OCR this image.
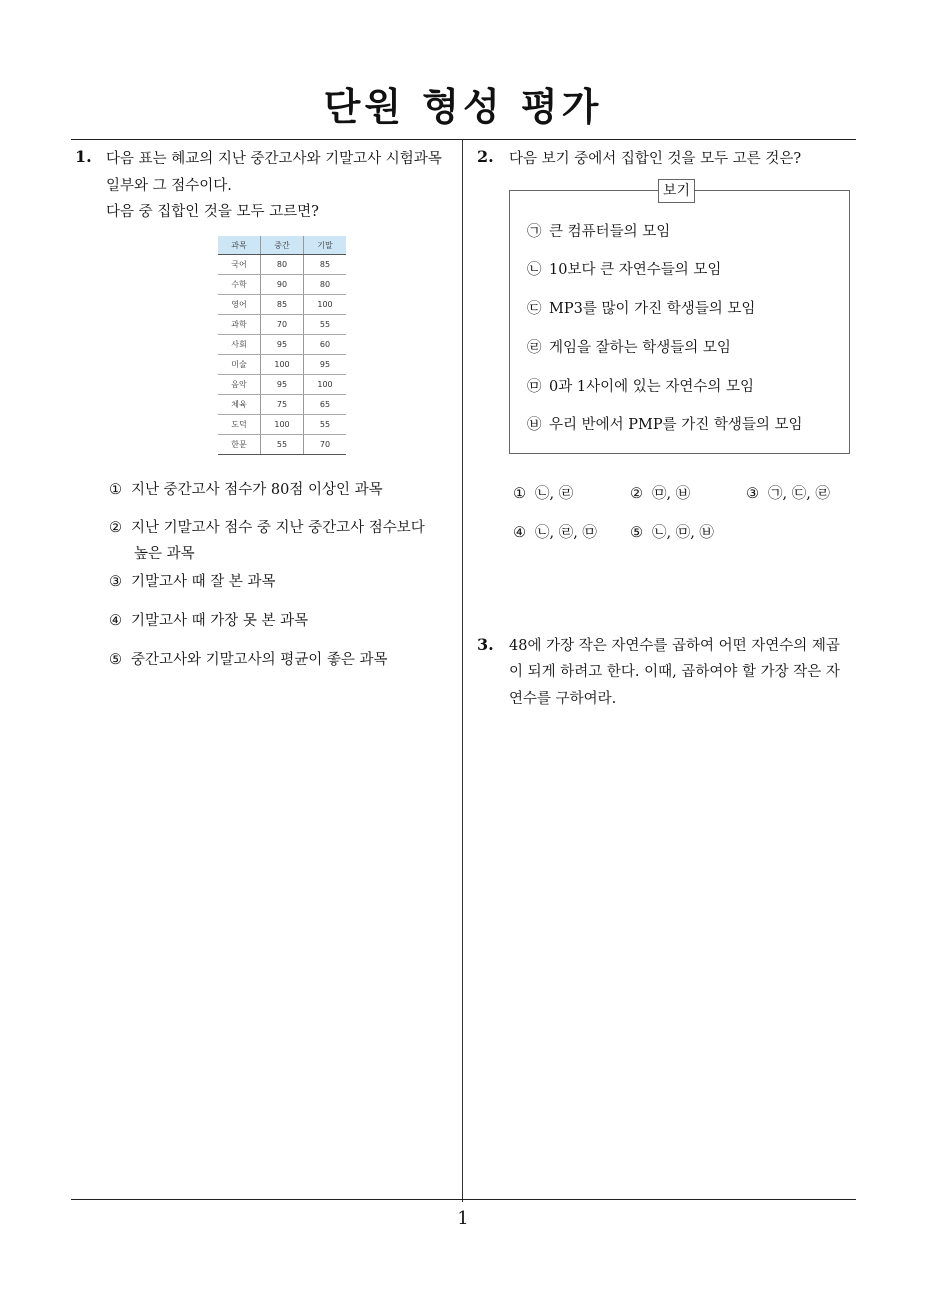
단원 형성 평가
1
1. 다음 표는 혜교의 지난 중간고사와 기말고사 시험과목
일부와 그 점수이다.
다음 중 집합인 것을 모두 고르면?
과목	중간	기말
국어	80	85
수학	90	80
영어	85	100
과학	70	55
사회	95	60
미술	100	95
음악	95	100
체육	75	65
도덕	100	55
한문	55	70
① 지난 중간고사 점수가 80점 이상인 과목
② 지난 기말고사 점수 중 지난 중간고사 점수보다
높은 과목
③ 기말고사 때 잘 본 과목
④ 기말고사 때 가장 못 본 과목
⑤ 중간고사와 기말고사의 평균이 좋은 과목
2. 다음 보기 중에서 집합인 것을 모두 고른 것은?
보기
㉠ 큰 컴퓨터들의 모임
㉡ 10보다 큰 자연수들의 모임
㉢ MP3를 많이 가진 학생들의 모임
㉣ 게임을 잘하는 학생들의 모임
㉤ 0과 1사이에 있는 자연수의 모임
㉥ 우리 반에서 PMP를 가진 학생들의 모임
① ㉡, ㉣	② ㉤, ㉥	③ ㉠, ㉢, ㉣
④ ㉡, ㉣, ㉤ ⑤ ㉡, ㉤, ㉥
3. 48에 가장 작은 자연수를 곱하여 어떤 자연수의 제곱
이 되게 하려고 한다. 이때, 곱하여야 할 가장 작은 자
연수를 구하여라.
